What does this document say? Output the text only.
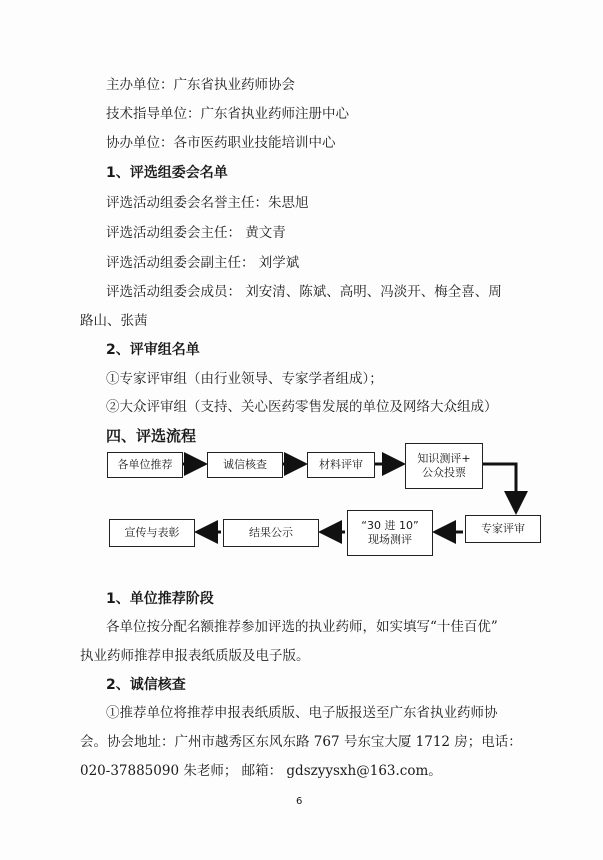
主办单位：广东省执业药师协会
技术指导单位：广东省执业药师注册中心
协办单位：各市医药职业技能培训中心
1、评选组委会名单
评选活动组委会名誉主任：朱思旭
评选活动组委会主任： 黄文青
评选活动组委会副主任： 刘学斌
评选活动组委会成员： 刘安清、陈斌、高明、冯淡开、梅全喜、周
路山、张茜
2、评审组名单
①专家评审组（由行业领导、专家学者组成）；
②大众评审组（支持、关心医药零售发展的单位及网络大众组成）
四、评选流程
各单位推荐	诚信核查	材料评审	知识测评+
公众投票
专家评审
“30 进 10”
现场测评
结果公示
宣传与表彰
1、单位推荐阶段
各单位按分配名额推荐参加评选的执业药师，如实填写“十佳百优”
执业药师推荐申报表纸质版及电子版。
2、诚信核查
①推荐单位将推荐申报表纸质版、电子版报送至广东省执业药师协
会。协会地址：广州市越秀区东风东路 767 号东宝大厦 1712 房；电话：
020-37885090 朱老师； 邮箱： gdszyysxh@163.com。
6
